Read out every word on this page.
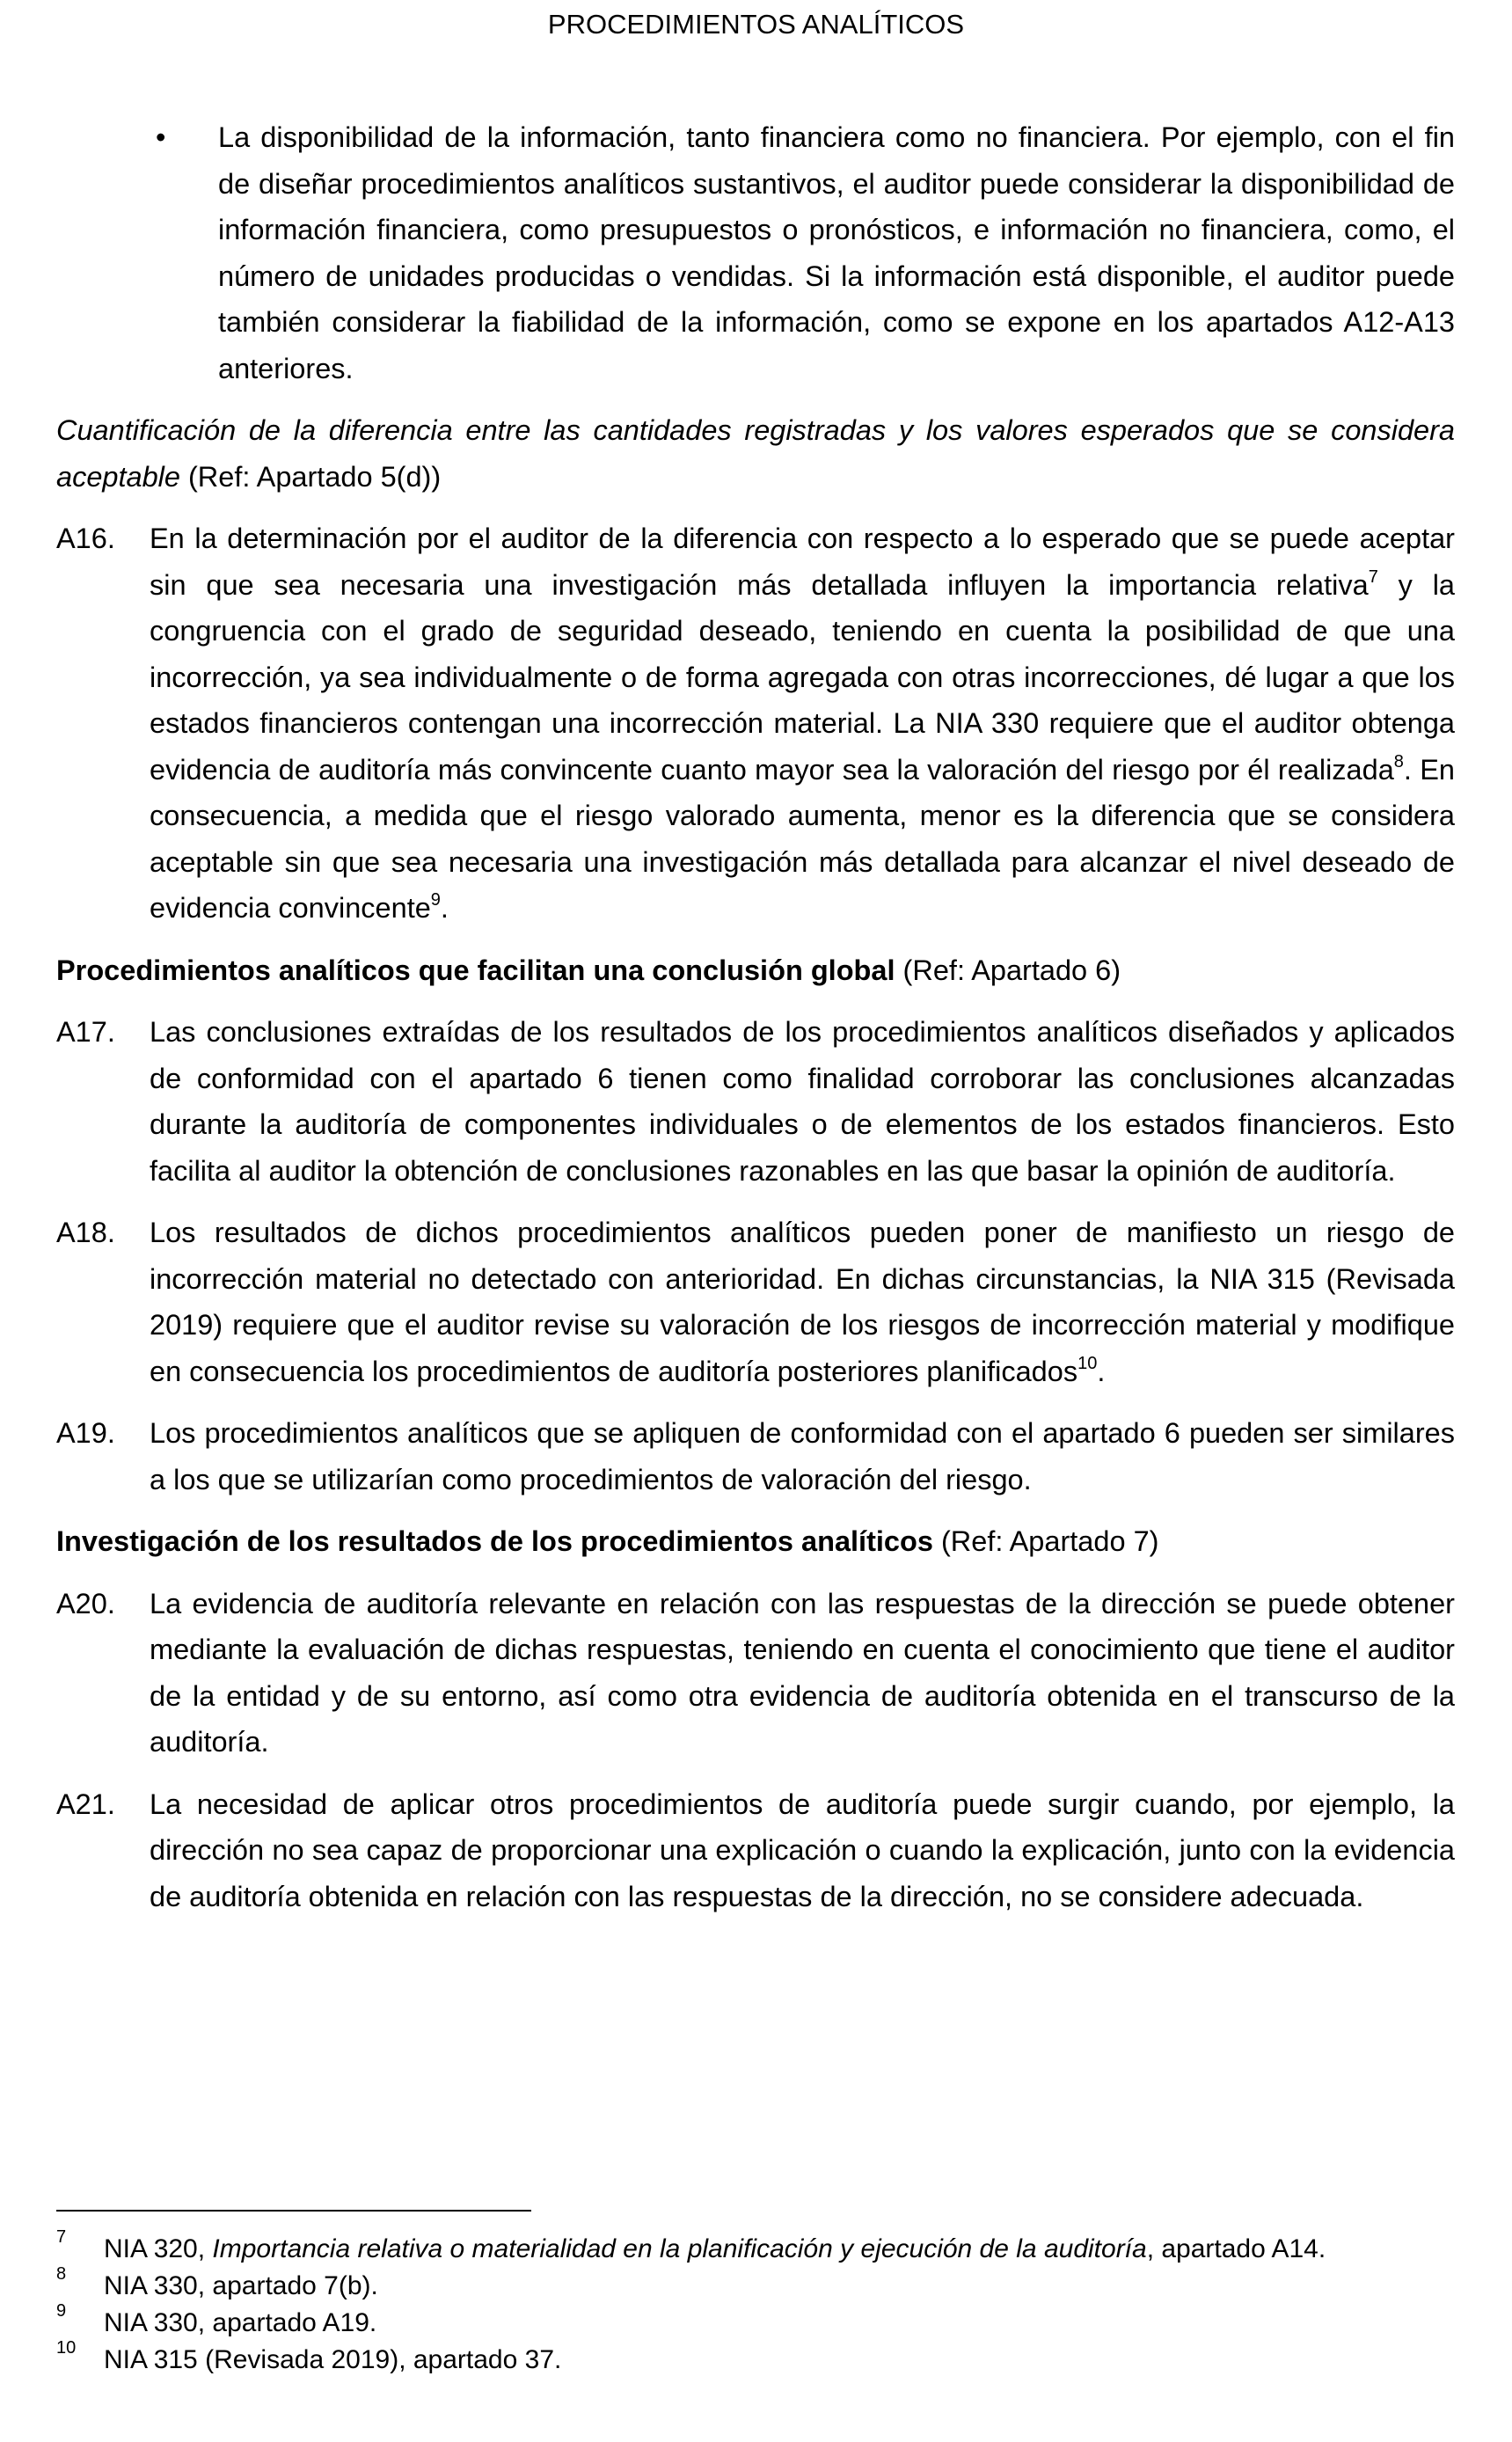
PROCEDIMIENTOS ANALÍTICOS

• La disponibilidad de la información, tanto financiera como no financiera. Por ejemplo, con el fin de diseñar procedimientos analíticos sustantivos, el auditor puede considerar la disponibilidad de información financiera, como presupuestos o pronósticos, e información no financiera, como, el número de unidades producidas o vendidas. Si la información está disponible, el auditor puede también considerar la fiabilidad de la información, como se expone en los apartados A12-A13 anteriores.

Cuantificación de la diferencia entre las cantidades registradas y los valores esperados que se considera aceptable (Ref: Apartado 5(d))

A16. En la determinación por el auditor de la diferencia con respecto a lo esperado que se puede aceptar sin que sea necesaria una investigación más detallada influyen la importancia relativa$^7$ y la congruencia con el grado de seguridad deseado, teniendo en cuenta la posibilidad de que una incorrección, ya sea individualmente o de forma agregada con otras incorrecciones, dé lugar a que los estados financieros contengan una incorrección material. La NIA 330 requiere que el auditor obtenga evidencia de auditoría más convincente cuanto mayor sea la valoración del riesgo por él realizada$^8$. En consecuencia, a medida que el riesgo valorado aumenta, menor es la diferencia que se considera aceptable sin que sea necesaria una investigación más detallada para alcanzar el nivel deseado de evidencia convincente$^9$.

Procedimientos analíticos que facilitan una conclusión global (Ref: Apartado 6)

A17. Las conclusiones extraídas de los resultados de los procedimientos analíticos diseñados y aplicados de conformidad con el apartado 6 tienen como finalidad corroborar las conclusiones alcanzadas durante la auditoría de componentes individuales o de elementos de los estados financieros. Esto facilita al auditor la obtención de conclusiones razonables en las que basar la opinión de auditoría.

A18. Los resultados de dichos procedimientos analíticos pueden poner de manifiesto un riesgo de incorrección material no detectado con anterioridad. En dichas circunstancias, la NIA 315 (Revisada 2019) requiere que el auditor revise su valoración de los riesgos de incorrección material y modifique en consecuencia los procedimientos de auditoría posteriores planificados$^{10}$.

A19. Los procedimientos analíticos que se apliquen de conformidad con el apartado 6 pueden ser similares a los que se utilizarían como procedimientos de valoración del riesgo.

Investigación de los resultados de los procedimientos analíticos (Ref: Apartado 7)

A20. La evidencia de auditoría relevante en relación con las respuestas de la dirección se puede obtener mediante la evaluación de dichas respuestas, teniendo en cuenta el conocimiento que tiene el auditor de la entidad y de su entorno, así como otra evidencia de auditoría obtenida en el transcurso de la auditoría.

A21. La necesidad de aplicar otros procedimientos de auditoría puede surgir cuando, por ejemplo, la dirección no sea capaz de proporcionar una explicación o cuando la explicación, junto con la evidencia de auditoría obtenida en relación con las respuestas de la dirección, no se considere adecuada.

7 NIA 320, Importancia relativa o materialidad en la planificación y ejecución de la auditoría, apartado A14.

8 NIA 330, apartado 7(b).

9 NIA 330, apartado A19.

10 NIA 315 (Revisada 2019), apartado 37.
